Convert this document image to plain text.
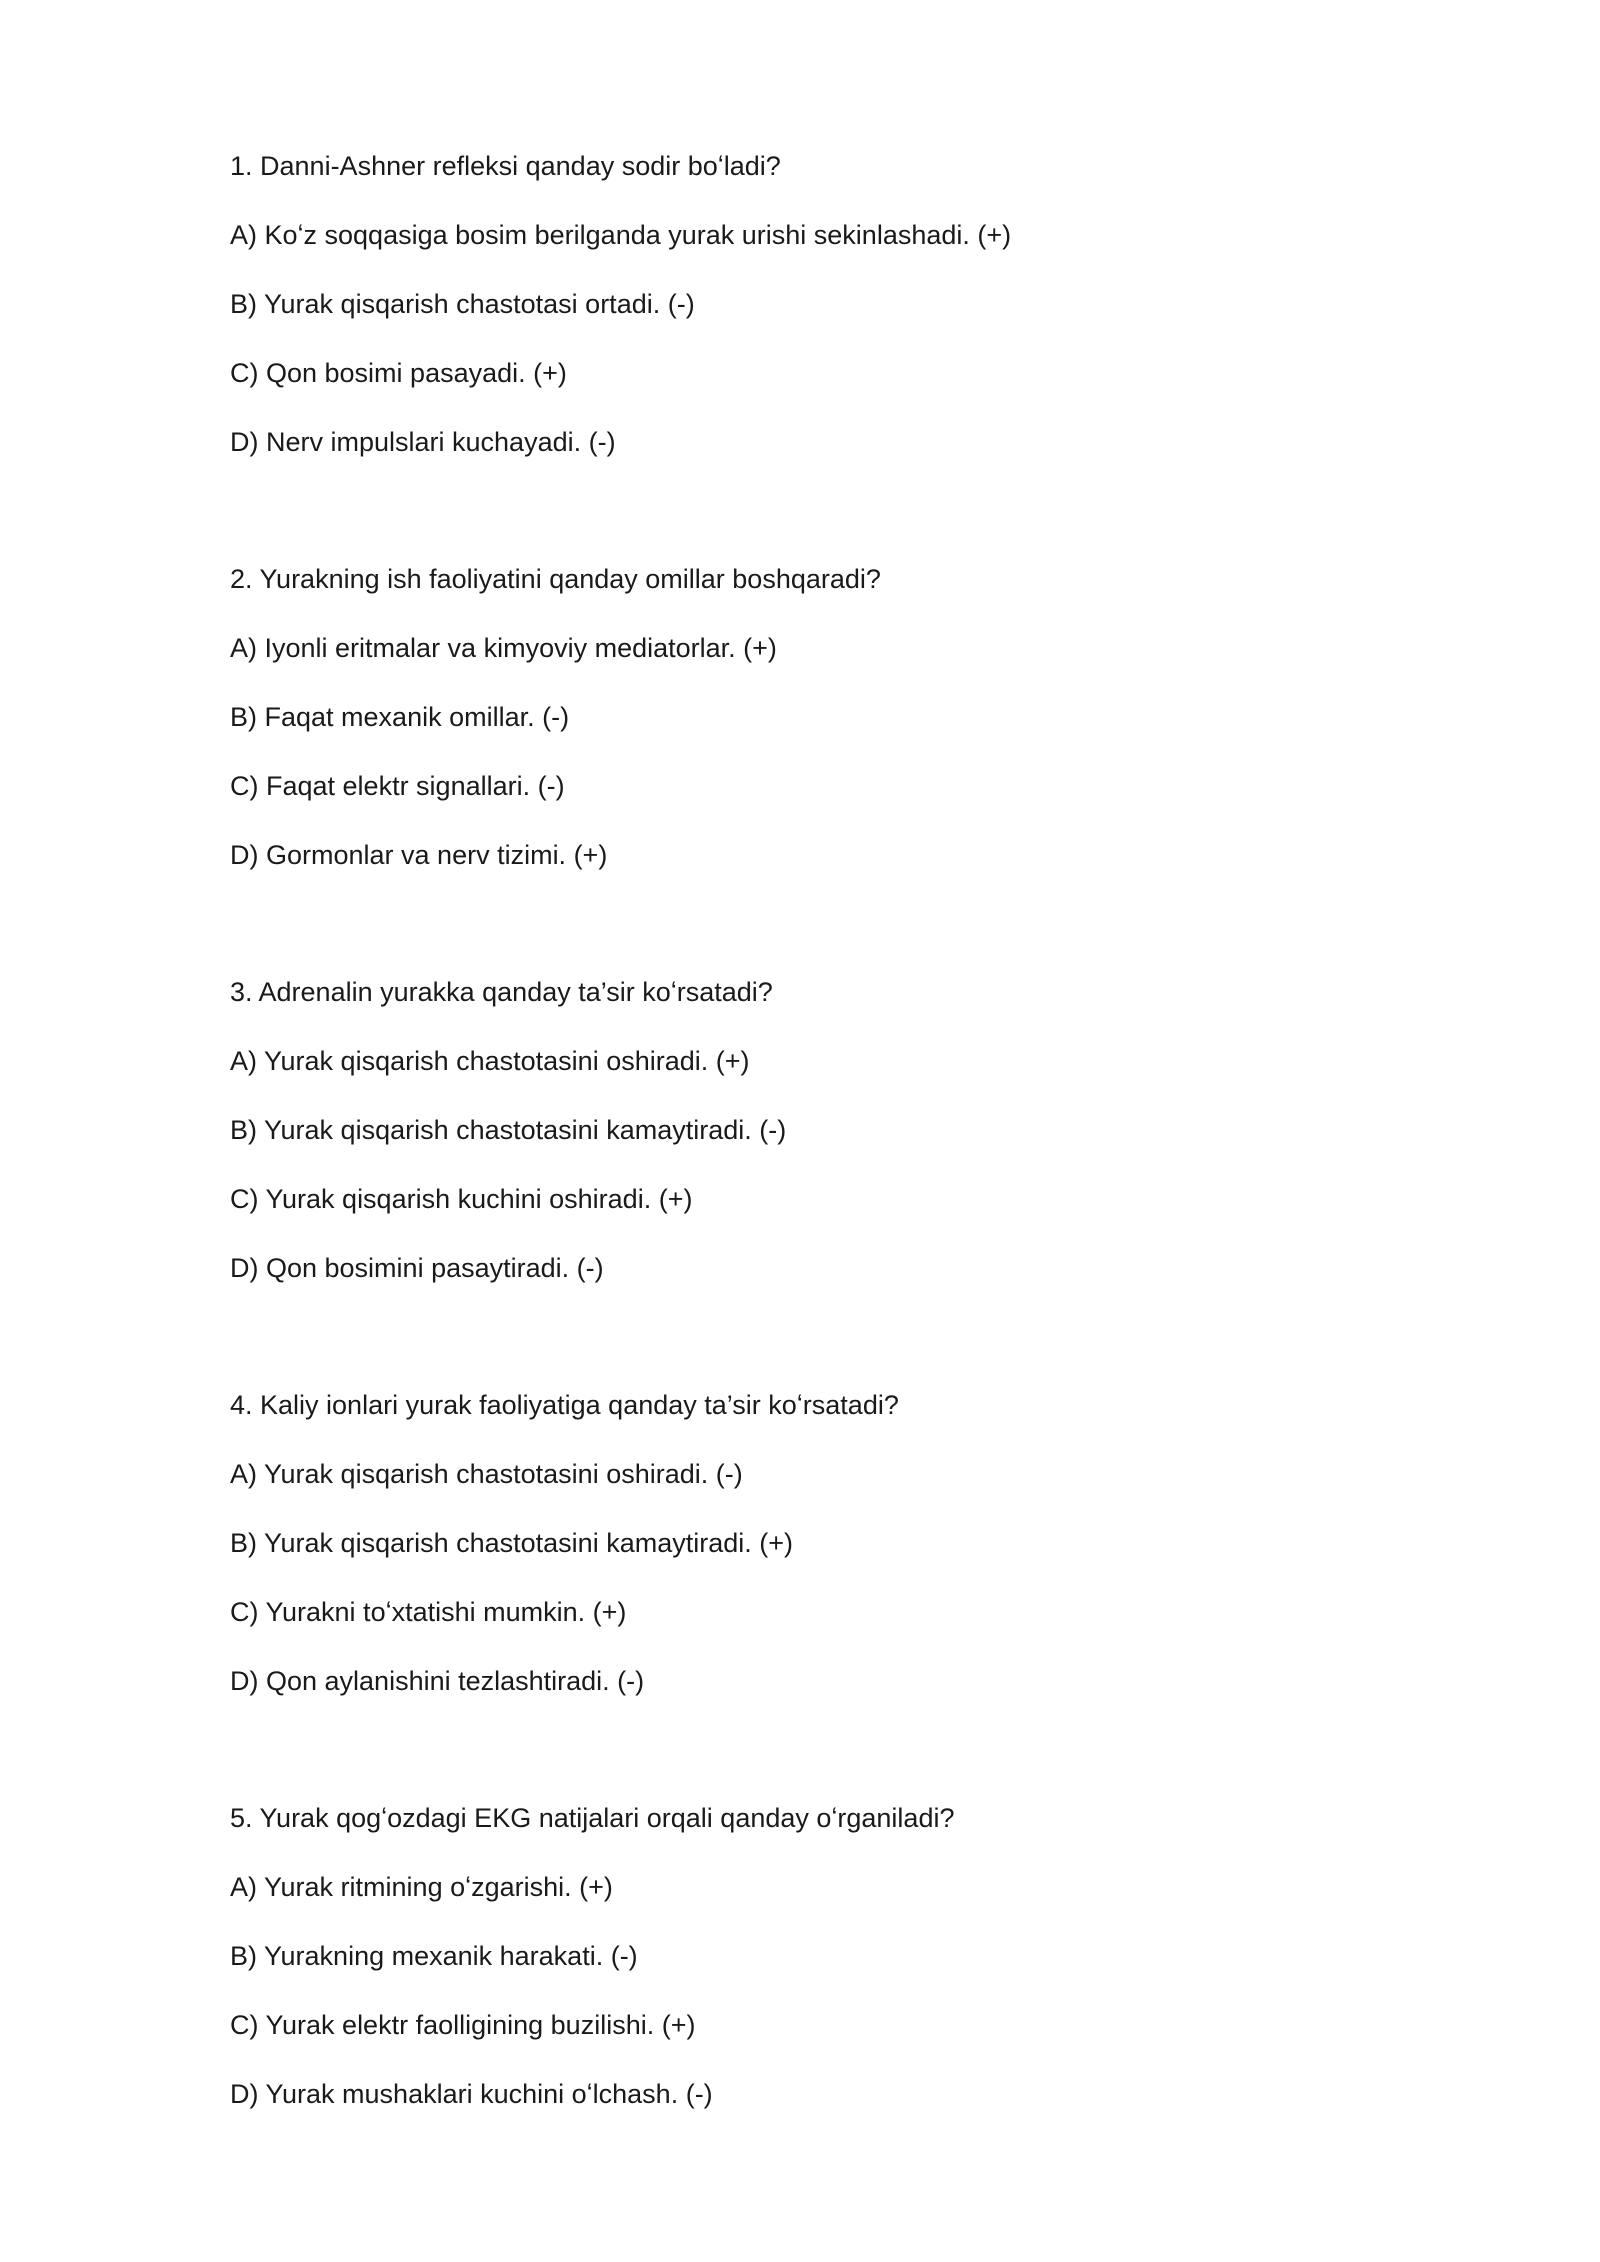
1. Danni-Ashner refleksi qanday sodir boʻladi?
A) Koʻz soqqasiga bosim berilganda yurak urishi sekinlashadi. (+)
B) Yurak qisqarish chastotasi ortadi. (-)
C) Qon bosimi pasayadi. (+)
D) Nerv impulslari kuchayadi. (-)
2. Yurakning ish faoliyatini qanday omillar boshqaradi?
A) Iyonli eritmalar va kimyoviy mediatorlar. (+)
B) Faqat mexanik omillar. (-)
C) Faqat elektr signallari. (-)
D) Gormonlar va nerv tizimi. (+)
3. Adrenalin yurakka qanday ta’sir koʻrsatadi?
A) Yurak qisqarish chastotasini oshiradi. (+)
B) Yurak qisqarish chastotasini kamaytiradi. (-)
C) Yurak qisqarish kuchini oshiradi. (+)
D) Qon bosimini pasaytiradi. (-)
4. Kaliy ionlari yurak faoliyatiga qanday ta’sir koʻrsatadi?
A) Yurak qisqarish chastotasini oshiradi. (-)
B) Yurak qisqarish chastotasini kamaytiradi. (+)
C) Yurakni toʻxtatishi mumkin. (+)
D) Qon aylanishini tezlashtiradi. (-)
5. Yurak qogʻozdagi EKG natijalari orqali qanday oʻrganiladi?
A) Yurak ritmining oʻzgarishi. (+)
B) Yurakning mexanik harakati. (-)
C) Yurak elektr faolligining buzilishi. (+)
D) Yurak mushaklari kuchini oʻlchash. (-)
